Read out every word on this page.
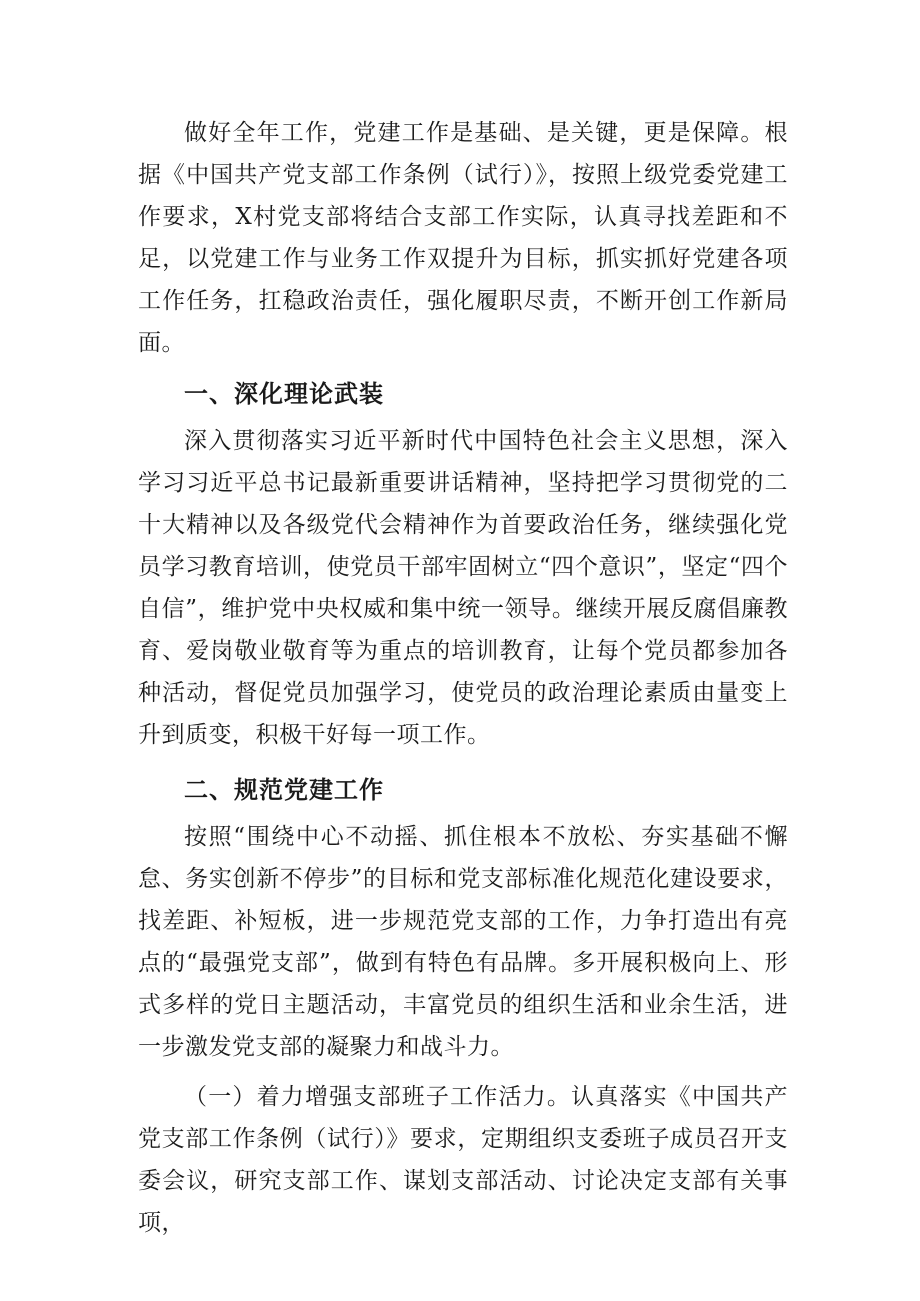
做好全年工作，党建工作是基础、是关键，更是保障。根据《中国共产党支部工作条例（试行）》，按照上级党委党建工作要求，X村党支部将结合支部工作实际，认真寻找差距和不足，以党建工作与业务工作双提升为目标，抓实抓好党建各项工作任务，扛稳政治责任，强化履职尽责，不断开创工作新局面。

一、深化理论武装

深入贯彻落实习近平新时代中国特色社会主义思想，深入学习习近平总书记最新重要讲话精神，坚持把学习贯彻党的二十大精神以及各级党代会精神作为首要政治任务，继续强化党员学习教育培训，使党员干部牢固树立“四个意识”，坚定“四个自信”，维护党中央权威和集中统一领导。继续开展反腐倡廉教育、爱岗敬业敬育等为重点的培训教育，让每个党员都参加各种活动，督促党员加强学习，使党员的政治理论素质由量变上升到质变，积极干好每一项工作。

二、规范党建工作

按照“围绕中心不动摇、抓住根本不放松、夯实基础不懈怠、务实创新不停步”的目标和党支部标准化规范化建设要求，找差距、补短板，进一步规范党支部的工作，力争打造出有亮点的“最强党支部”，做到有特色有品牌。多开展积极向上、形式多样的党日主题活动，丰富党员的组织生活和业余生活，进一步激发党支部的凝聚力和战斗力。

（一）着力增强支部班子工作活力。认真落实《中国共产党支部工作条例（试行）》要求，定期组织支委班子成员召开支委会议，研究支部工作、谋划支部活动、讨论决定支部有关事项，
